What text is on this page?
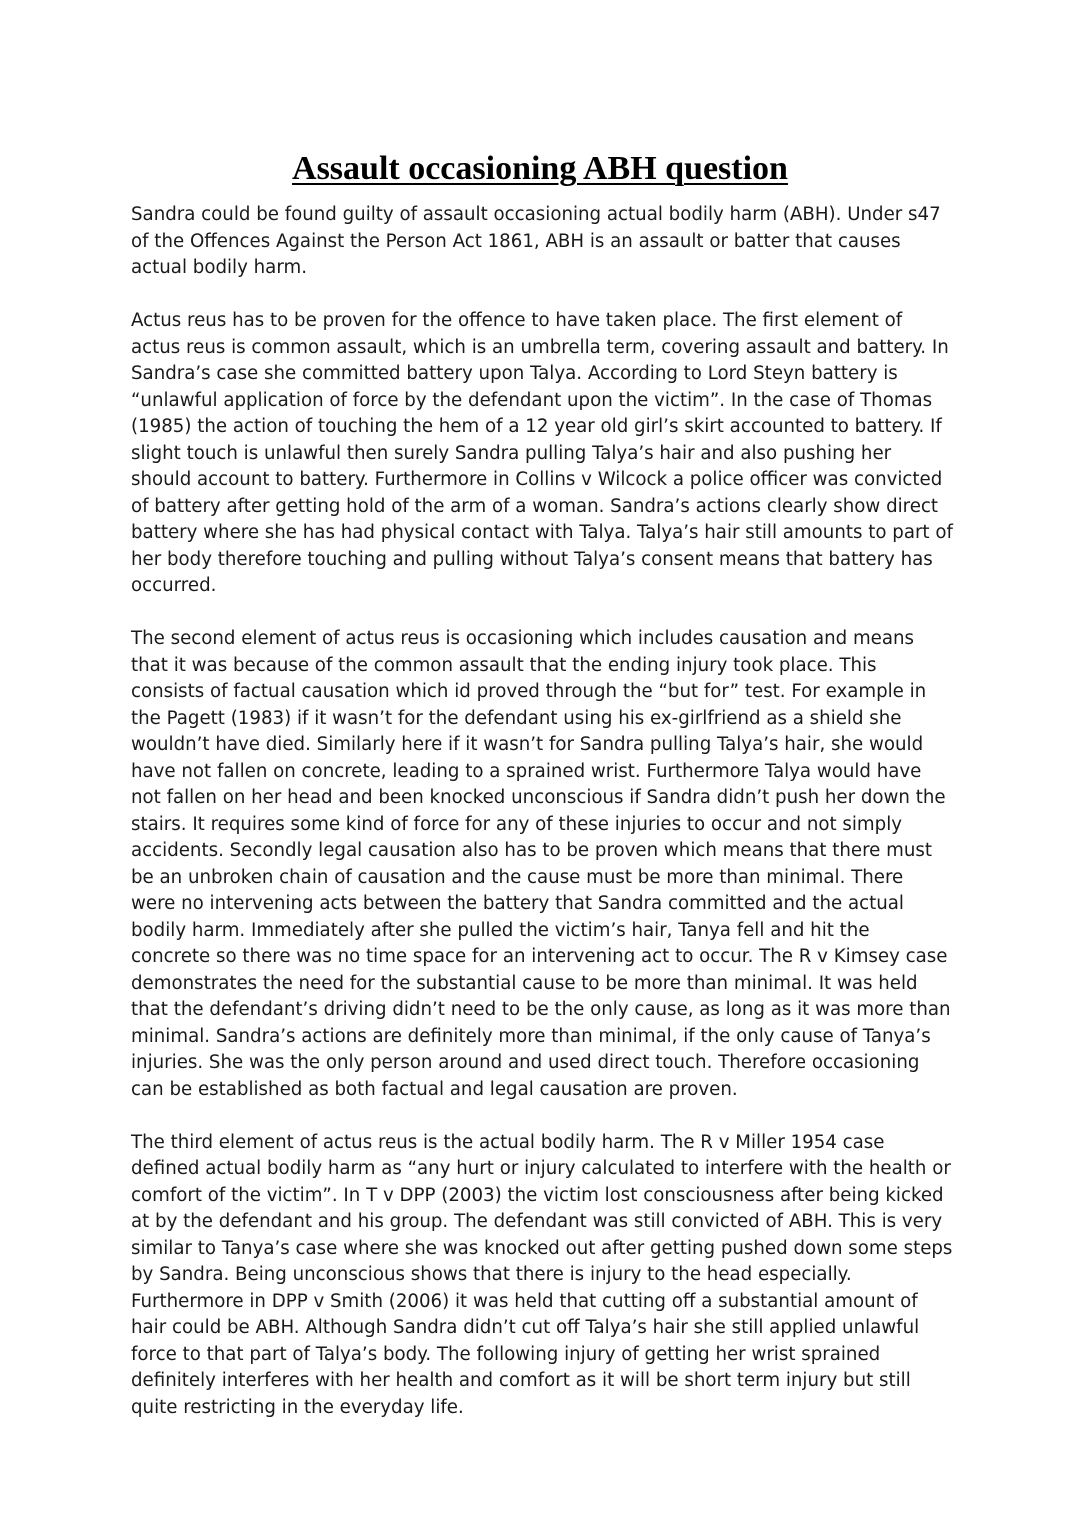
Assault occasioning ABH question

Sandra could be found guilty of assault occasioning actual bodily harm (ABH). Under s47 of the Offences Against the Person Act 1861, ABH is an assault or batter that causes actual bodily harm.

Actus reus has to be proven for the offence to have taken place. The first element of actus reus is common assault, which is an umbrella term, covering assault and battery. In Sandra’s case she committed battery upon Talya. According to Lord Steyn battery is “unlawful application of force by the defendant upon the victim”. In the case of Thomas (1985) the action of touching the hem of a 12 year old girl’s skirt accounted to battery. If slight touch is unlawful then surely Sandra pulling Talya’s hair and also pushing her should account to battery. Furthermore in Collins v Wilcock a police officer was convicted of battery after getting hold of the arm of a woman. Sandra’s actions clearly show direct battery where she has had physical contact with Talya. Talya’s hair still amounts to part of her body therefore touching and pulling without Talya’s consent means that battery has occurred.

The second element of actus reus is occasioning which includes causation and means that it was because of the common assault that the ending injury took place. This consists of factual causation which id proved through the “but for” test. For example in the Pagett (1983) if it wasn’t for the defendant using his ex-girlfriend as a shield she wouldn’t have died. Similarly here if it wasn’t for Sandra pulling Talya’s hair, she would have not fallen on concrete, leading to a sprained wrist. Furthermore Talya would have not fallen on her head and been knocked unconscious if Sandra didn’t push her down the stairs. It requires some kind of force for any of these injuries to occur and not simply accidents. Secondly legal causation also has to be proven which means that there must be an unbroken chain of causation and the cause must be more than minimal. There were no intervening acts between the battery that Sandra committed and the actual bodily harm. Immediately after she pulled the victim’s hair, Tanya fell and hit the concrete so there was no time space for an intervening act to occur. The R v Kimsey case demonstrates the need for the substantial cause to be more than minimal. It was held that the defendant’s driving didn’t need to be the only cause, as long as it was more than minimal. Sandra’s actions are definitely more than minimal, if the only cause of Tanya’s injuries. She was the only person around and used direct touch. Therefore occasioning can be established as both factual and legal causation are proven.

The third element of actus reus is the actual bodily harm. The R v Miller 1954 case defined actual bodily harm as “any hurt or injury calculated to interfere with the health or comfort of the victim”. In T v DPP (2003) the victim lost consciousness after being kicked at by the defendant and his group. The defendant was still convicted of ABH. This is very similar to Tanya’s case where she was knocked out after getting pushed down some steps by Sandra. Being unconscious shows that there is injury to the head especially. Furthermore in DPP v Smith (2006) it was held that cutting off a substantial amount of hair could be ABH. Although Sandra didn’t cut off Talya’s hair she still applied unlawful force to that part of Talya’s body. The following injury of getting her wrist sprained definitely interferes with her health and comfort as it will be short term injury but still quite restricting in the everyday life.
